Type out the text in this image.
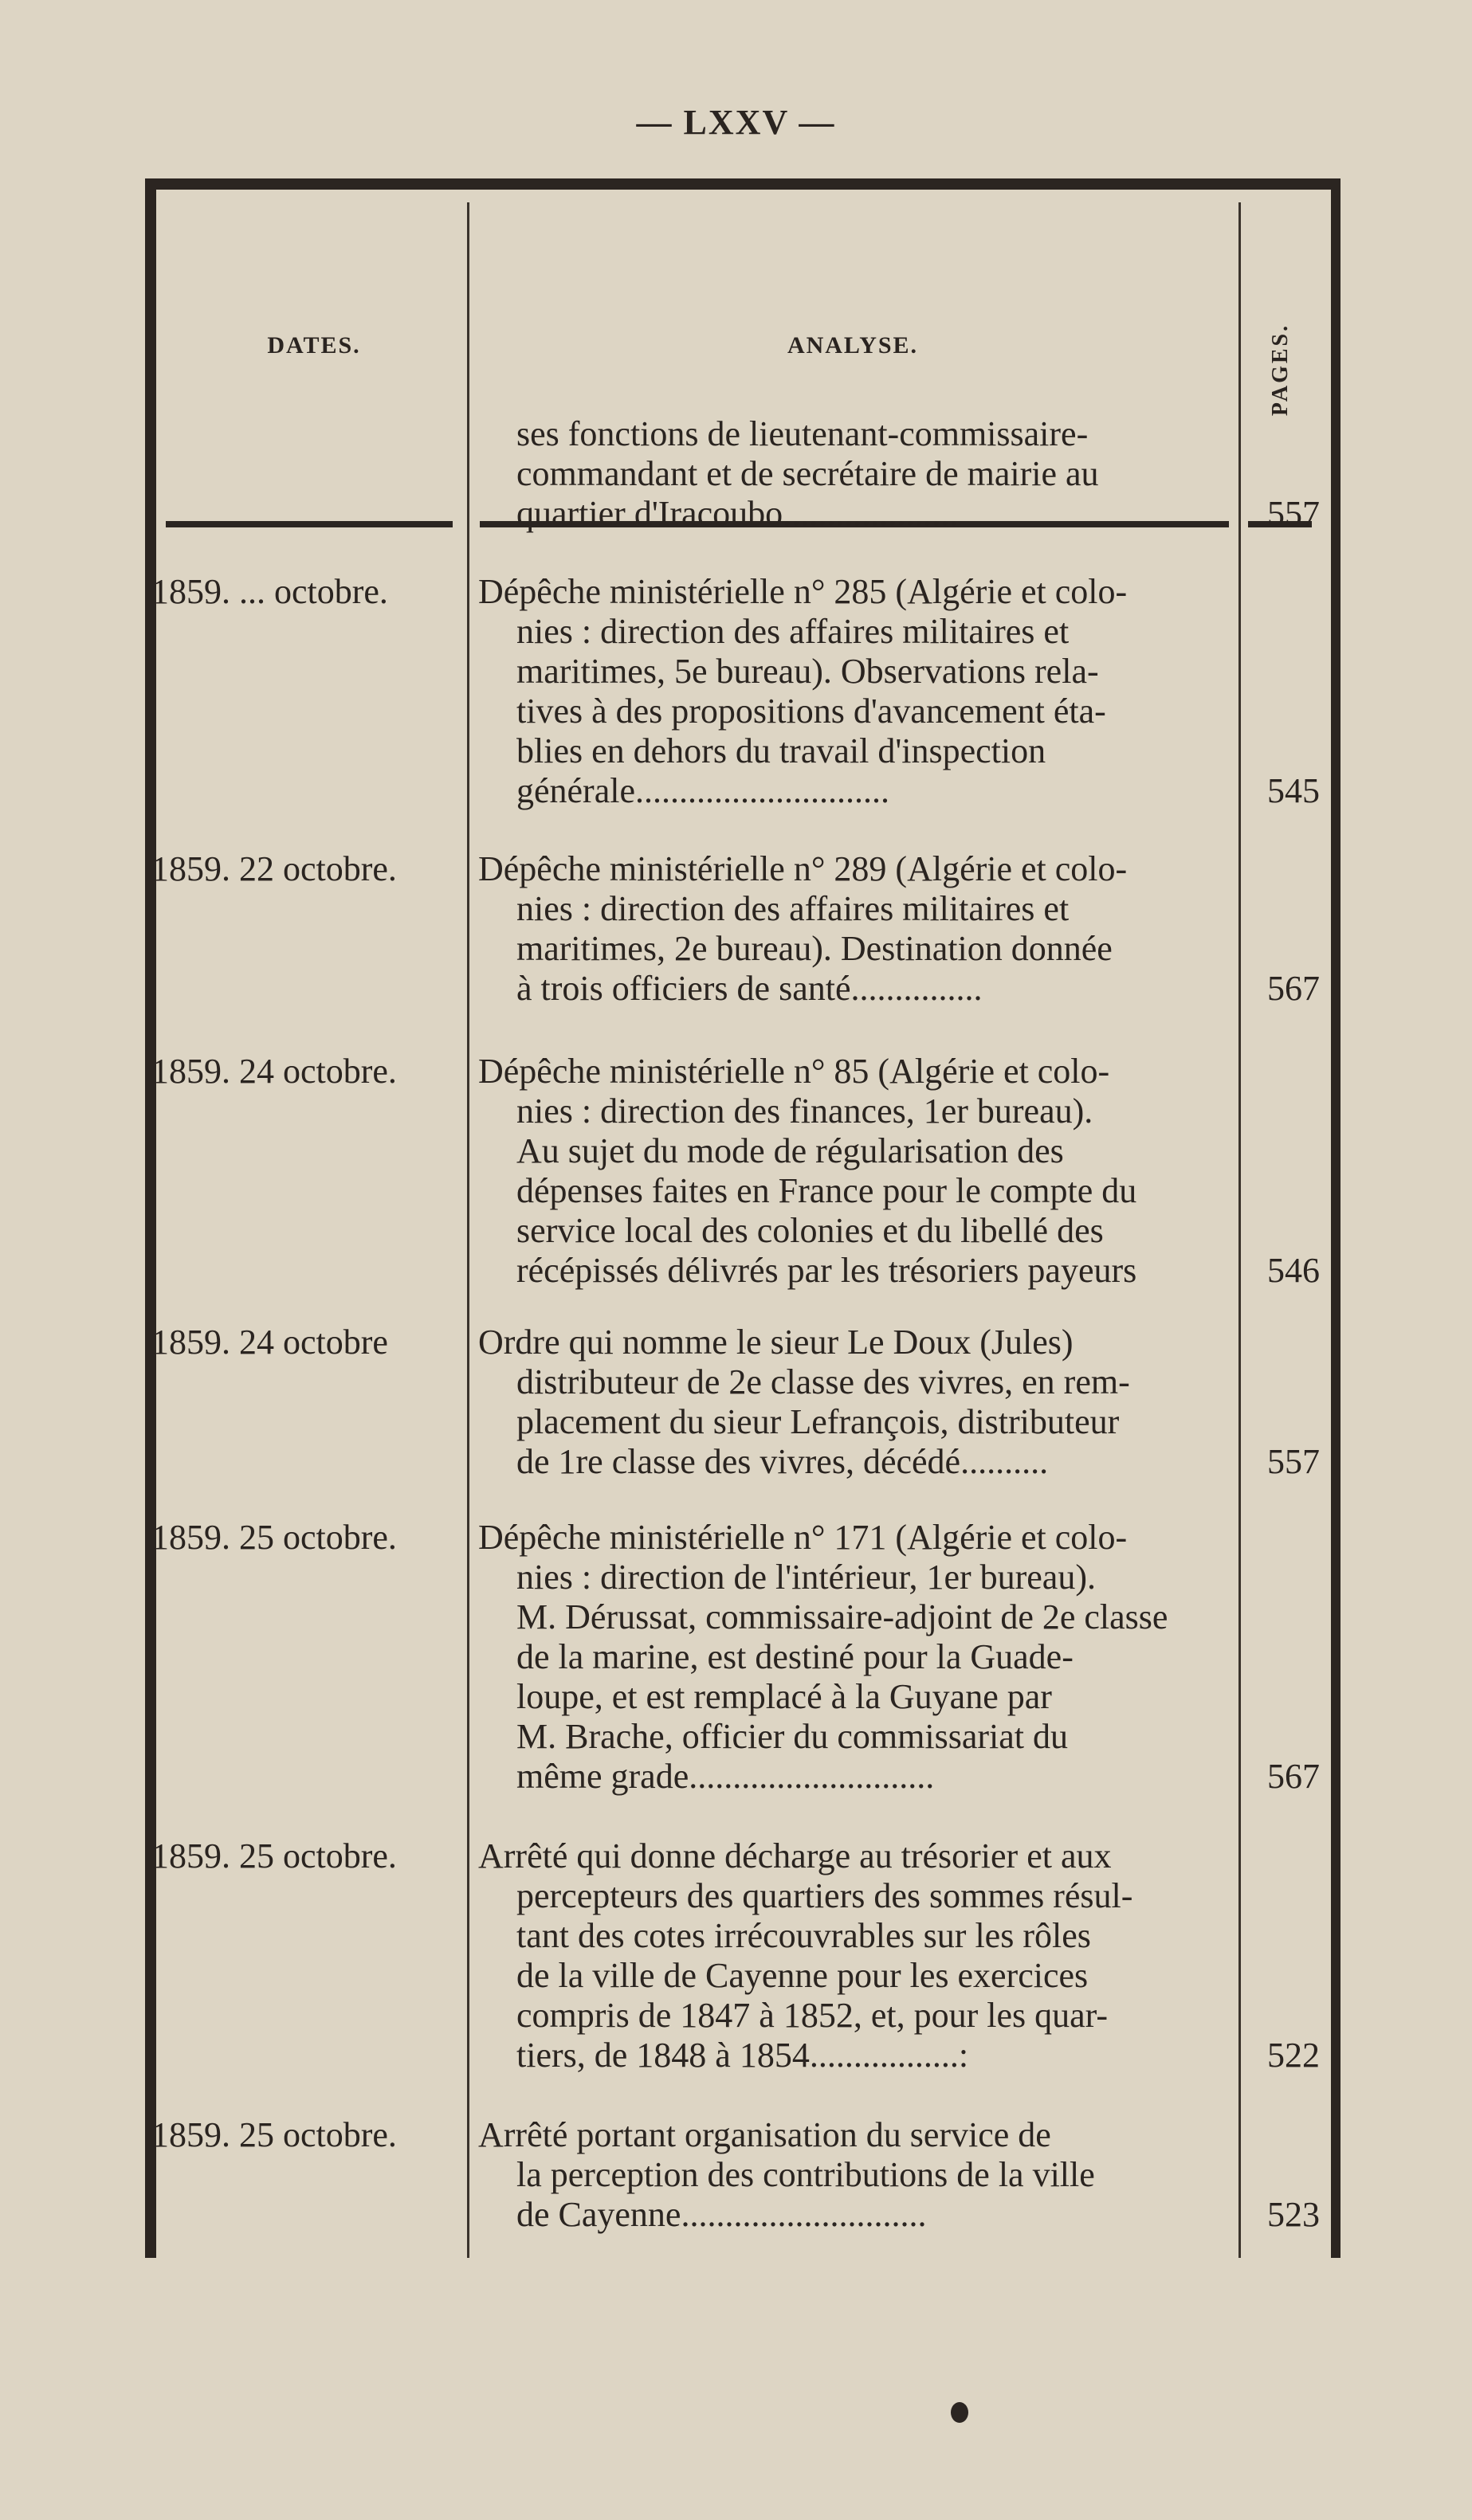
— LXXV —
DATES.	ANALYSE.	PAGES.
ses fonctions de lieutenant-commissaire-
commandant et de secrétaire de mairie au
quartier d'Iracoubo....................	557
1859. ... octobre.	Dépêche ministérielle n° 285 (Algérie et colo-
nies : direction des affaires militaires et
maritimes, 5e bureau). Observations rela-
tives à des propositions d'avancement éta-
blies en dehors du travail d'inspection
générale.............................	545
1859. 22 octobre.	Dépêche ministérielle n° 289 (Algérie et colo-
nies : direction des affaires militaires et
maritimes, 2e bureau). Destination donnée
à trois officiers de santé...............	567
1859. 24 octobre.	Dépêche ministérielle n° 85 (Algérie et colo-
nies : direction des finances, 1er bureau).
Au sujet du mode de régularisation des
dépenses faites en France pour le compte du
service local des colonies et du libellé des
récépissés délivrés par les trésoriers payeurs	546
1859. 24 octobre	Ordre qui nomme le sieur Le Doux (Jules)
distributeur de 2e classe des vivres, en rem-
placement du sieur Lefrançois, distributeur
de 1re classe des vivres, décédé..........	557
1859. 25 octobre.	Dépêche ministérielle n° 171 (Algérie et colo-
nies : direction de l'intérieur, 1er bureau).
M. Dérussat, commissaire-adjoint de 2e classe
de la marine, est destiné pour la Guade-
loupe, et est remplacé à la Guyane par
M. Brache, officier du commissariat du
même grade............................	567
1859. 25 octobre.	Arrêté qui donne décharge au trésorier et aux
percepteurs des quartiers des sommes résul-
tant des cotes irrécouvrables sur les rôles
de la ville de Cayenne pour les exercices
compris de 1847 à 1852, et, pour les quar-
tiers, de 1848 à 1854.................:	522
1859. 25 octobre.	Arrêté portant organisation du service de
la perception des contributions de la ville
de Cayenne............................	523
